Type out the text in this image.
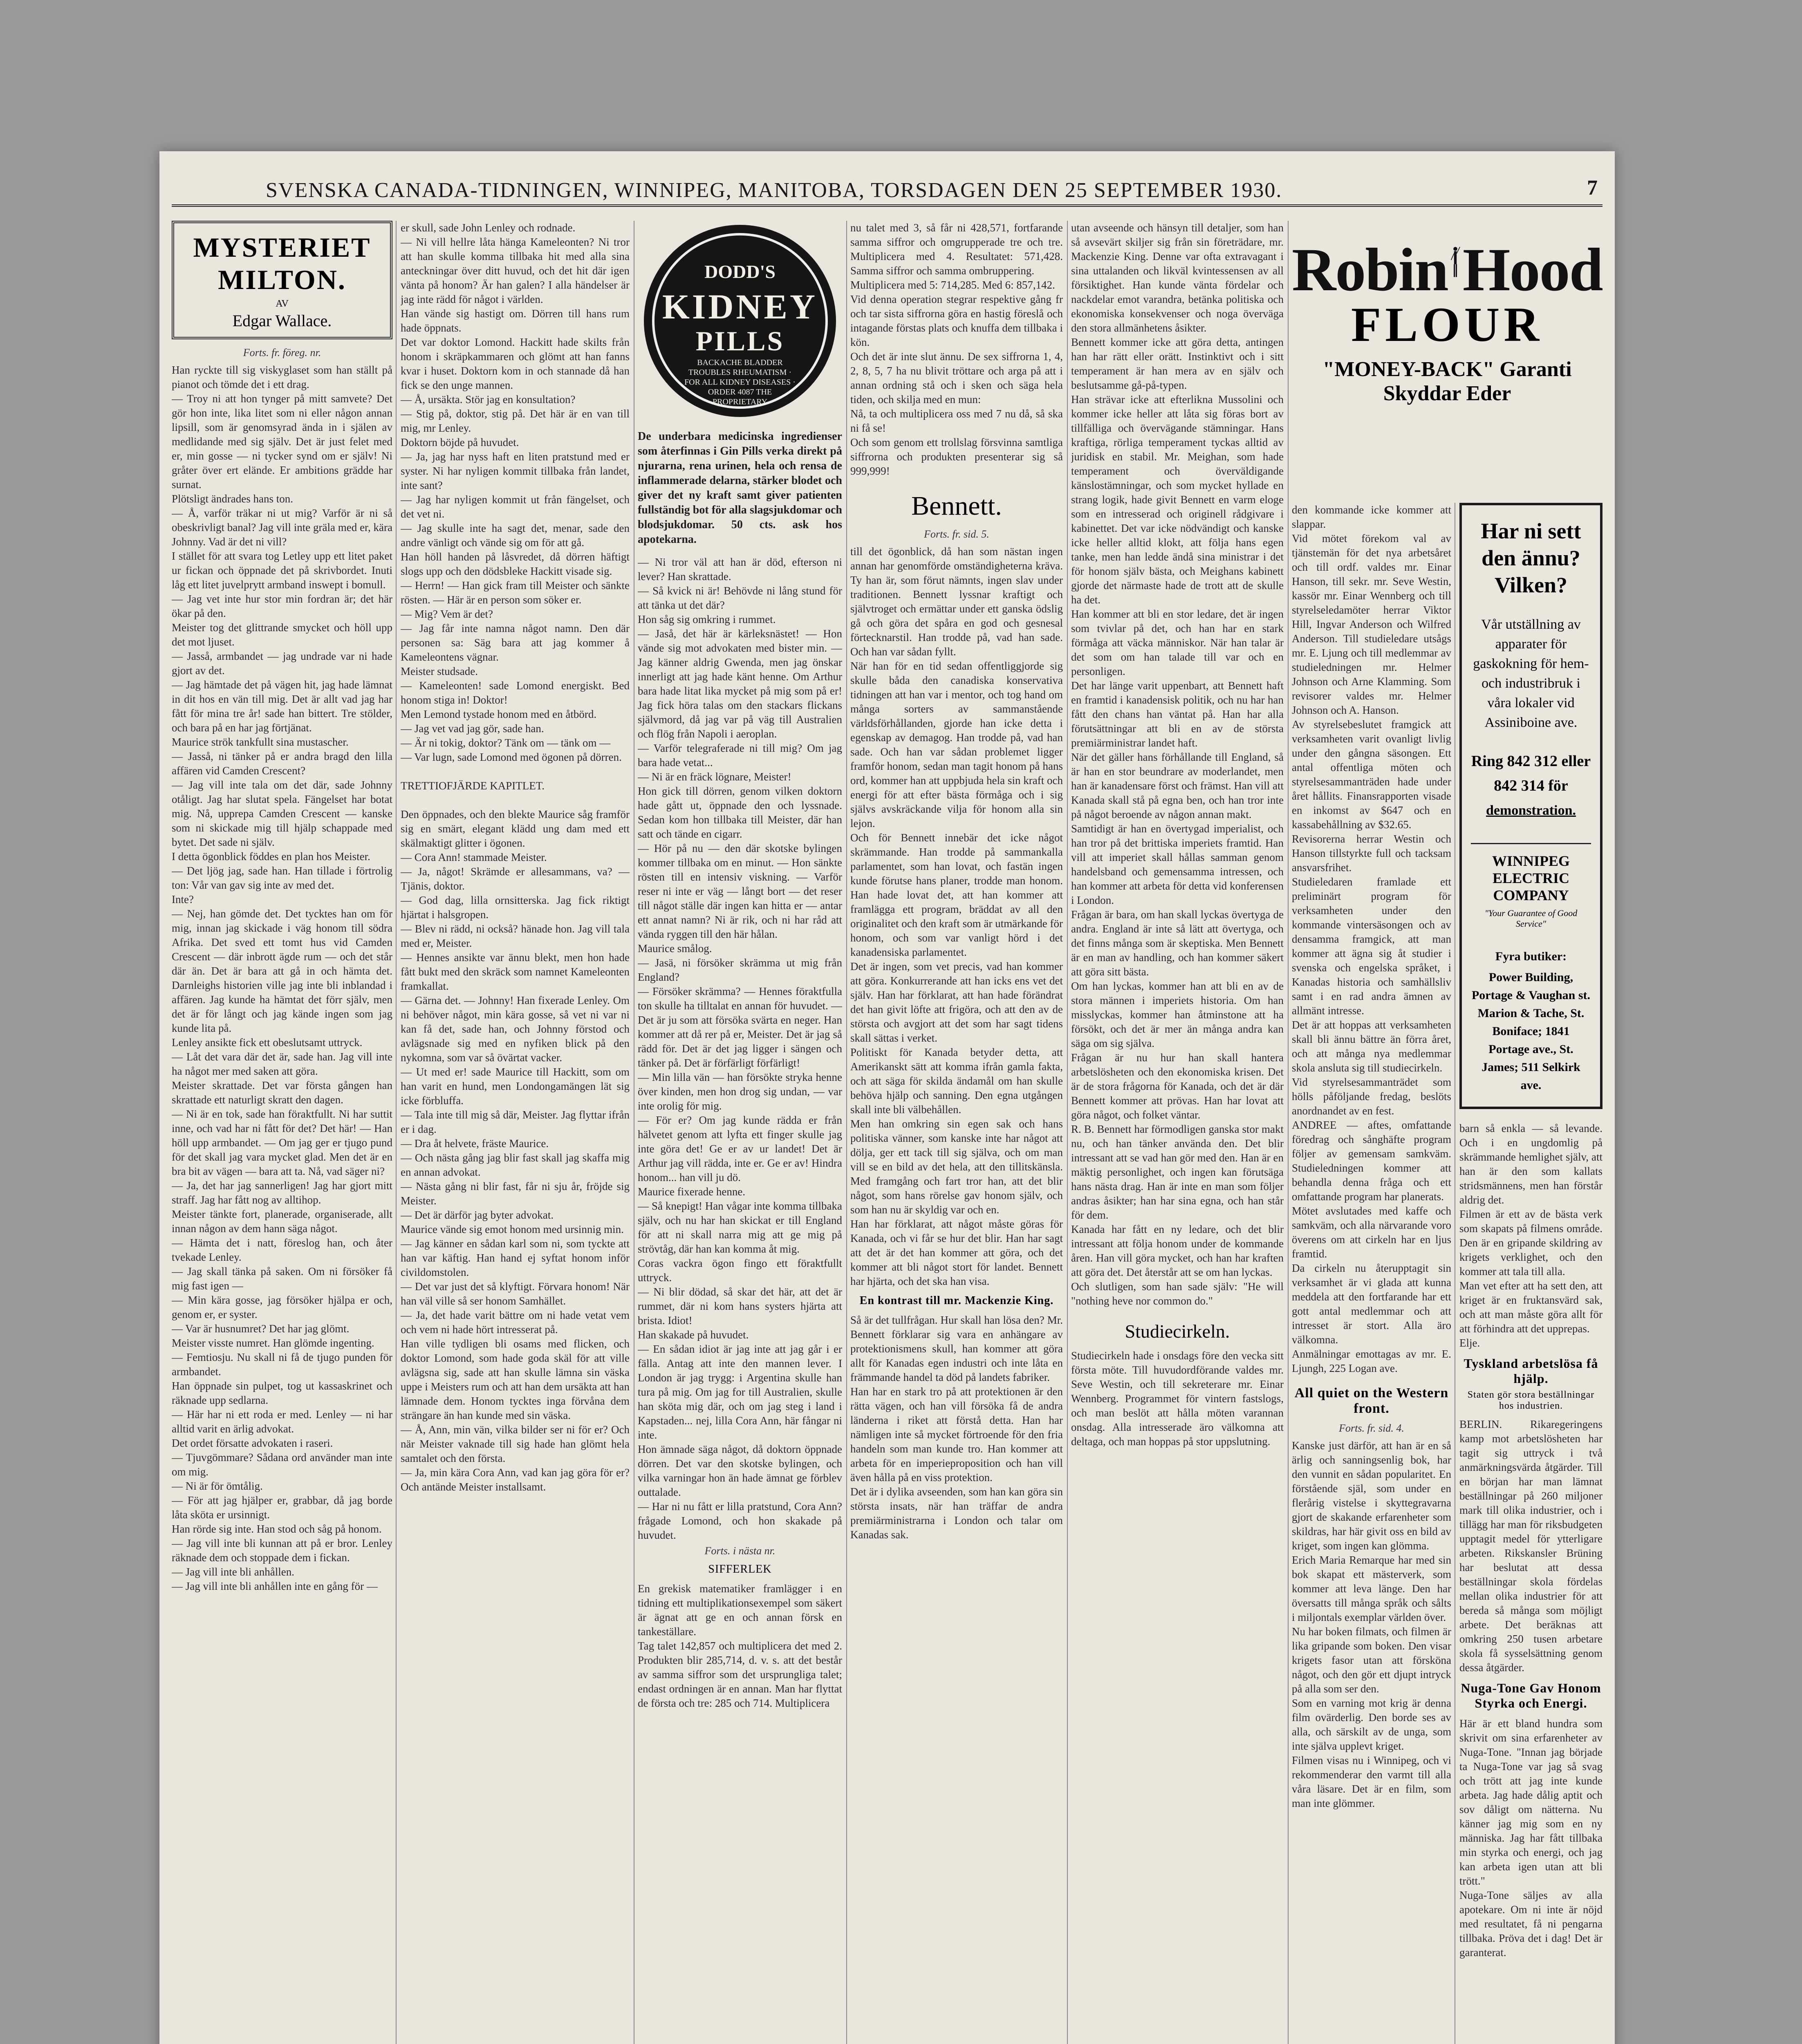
SVENSKA CANADA-TIDNINGEN, WINNIPEG, MANITOBA, TORSDAGEN DEN 25 SEPTEMBER 1930.	7
MYSTERIET MILTON.
AV
Edgar Wallace.
Forts. fr. föreg. nr.

Han ryckte till sig viskyglaset som han ställt på pianot och tömde det i ett drag.
— Troy ni att hon tynger på mitt samvete? Det gör hon inte, lika litet som ni eller någon annan lipsill, som är genomsyrad ända in i själen av medlidande med sig själv. Det är just felet med er, min gosse — ni tycker synd om er själv! Ni gråter över ert elände. Er ambitions grädde har surnat.
Plötsligt ändrades hans ton.
— Å, varför träkar ni ut mig? Varför är ni så obeskrivligt banal? Jag vill inte gräla med er, kära Johnny. Vad är det ni vill?
I stället för att svara tog Letley upp ett litet paket ur fickan och öppnade det på skrivbordet. Inuti låg ett litet juvelprytt armband inswept i bomull.
— Jag vet inte hur stor min fordran är; det här ökar på den.
Meister tog det glittrande smycket och höll upp det mot ljuset.
— Jasså, armbandet — jag undrade var ni hade gjort av det.
— Jag hämtade det på vägen hit, jag hade lämnat in dit hos en vän till mig. Det är allt vad jag har fått för mina tre år! sade han bittert. Tre stölder, och bara på en har jag förtjänat.
Maurice strök tankfullt sina mustascher.
— Jasså, ni tänker på er andra bragd den lilla affären vid Camden Crescent?
— Jag vill inte tala om det där, sade Johnny otåligt. Jag har slutat spela. Fängelset har botat mig. Nå, upprepa Camden Crescent — kanske som ni skickade mig till hjälp schappade med bytet. Det sade ni själv.
I detta ögonblick föddes en plan hos Meister.
— Det ljög jag, sade han. Han tillade i förtrolig ton: Vår van gav sig inte av med det.
Inte?
— Nej, han gömde det. Det tycktes han om för mig, innan jag skickade i väg honom till södra Afrika. Det sved ett tomt hus vid Camden Crescent — där inbrott ägde rum — och det står där än. Det är bara att gå in och hämta det. Darnleighs historien ville jag inte bli inblandad i affären. Jag kunde ha hämtat det förr själv, men det är för långt och jag kände ingen som jag kunde lita på.
Lenley ansikte fick ett obeslutsamt uttryck.
— Låt det vara där det är, sade han. Jag vill inte ha något mer med saken att göra.
Meister skrattade. Det var första gången han skrattade ett naturligt skratt den dagen.
— Ni är en tok, sade han föraktfullt. Ni har suttit inne, och vad har ni fått för det? Det här! — Han höll upp armbandet. — Om jag ger er tjugo pund för det skall jag vara mycket glad. Men det är en bra bit av vägen — bara att ta. Nå, vad säger ni?
— Ja, det har jag sannerligen! Jag har gjort mitt straff. Jag har fått nog av alltihop.
Meister tänkte fort, planerade, organiserade, allt innan någon av dem hann säga något.
— Hämta det i natt, föreslog han, och åter tvekade Lenley.
— Jag skall tänka på saken. Om ni försöker få mig fast igen —
— Min kära gosse, jag försöker hjälpa er och, genom er, er syster.
— Var är husnumret? Det har jag glömt.
Meister visste numret. Han glömde ingenting.
— Femtiosju. Nu skall ni få de tjugo punden för armbandet.
Han öppnade sin pulpet, tog ut kassaskrinet och räknade upp sedlarna.
— Här har ni ett roda er med. Lenley — ni har alltid varit en ärlig advokat.
Det ordet försatte advokaten i raseri.
— Tjuvgömmare? Sådana ord använder man inte om mig.
— Ni är för ömtålig.
— För att jag hjälper er, grabbar, då jag borde låta sköta er ursinnigt.
Han rörde sig inte. Han stod och såg på honom.
— Jag vill inte bli kunnan att på er bror. Lenley räknade dem och stoppade dem i fickan.
— Jag vill inte bli anhållen.
— Jag vill inte bli anhållen inte en gång för —

er skull, sade John Lenley och rodnade.
— Ni vill hellre låta hänga Kameleonten? Ni tror att han skulle komma tillbaka hit med alla sina anteckningar över ditt huvud, och det hit där igen vänta på honom? Är han galen? I alla händelser är jag inte rädd för något i världen.
Han vände sig hastigt om. Dörren till hans rum hade öppnats.
Det var doktor Lomond. Hackitt hade skilts från honom i skräpkammaren och glömt att han fanns kvar i huset. Doktorn kom in och stannade då han fick se den unge mannen.
— Å, ursäkta. Stör jag en konsultation?
— Stig på, doktor, stig på. Det här är en van till mig, mr Lenley.
Doktorn böjde på huvudet.
— Ja, jag har nyss haft en liten pratstund med er syster. Ni har nyligen kommit tillbaka från landet, inte sant?
— Jag har nyligen kommit ut från fängelset, och det vet ni.
— Jag skulle inte ha sagt det, menar, sade den andre vänligt och vände sig om för att gå.
Han höll handen på låsvredet, då dörren häftigt slogs upp och den dödsbleke Hackitt visade sig.
— Herrn! — Han gick fram till Meister och sänkte rösten. — Här är en person som söker er.
— Mig? Vem är det?
— Jag får inte namna något namn. Den där personen sa: Säg bara att jag kommer å Kameleontens vägnar.
Meister studsade.
— Kameleonten! sade Lomond energiskt. Bed honom stiga in! Doktor!
Men Lemond tystade honom med en åtbörd.
— Jag vet vad jag gör, sade han.
— Är ni tokig, doktor? Tänk om — tänk om —
— Var lugn, sade Lomond med ögonen på dörren.

TRETTIOFJÄRDE KAPITLET.

Den öppnades, och den blekte Maurice såg framför sig en smärt, elegant klädd ung dam med ett skälmaktigt glitter i ögonen.
— Cora Ann! stammade Meister.
— Ja, något! Skrämde er allesammans, va? — Tjänis, doktor.
— God dag, lilla ornsitterska. Jag fick riktigt hjärtat i halsgropen.
— Blev ni rädd, ni också? hänade hon. Jag vill tala med er, Meister.
— Hennes ansikte var ännu blekt, men hon hade fått bukt med den skräck som namnet Kameleonten framkallat.
— Gärna det. — Johnny! Han fixerade Lenley. Om ni behöver något, min kära gosse, så vet ni var ni kan få det, sade han, och Johnny förstod och avlägsnade sig med en nyfiken blick på den nykomna, som var så övärtat vacker.
— Ut med er! sade Maurice till Hackitt, som om han varit en hund, men Londongamängen lät sig icke förbluffa.
— Tala inte till mig så där, Meister. Jag flyttar ifrån er i dag.
— Dra åt helvete, fräste Maurice.
— Och nästa gång jag blir fast skall jag skaffa mig en annan advokat.
— Nästa gång ni blir fast, får ni sju år, fröjde sig Meister.
— Det är därför jag byter advokat.
Maurice vände sig emot honom med ursinnig min.
— Jag känner en sådan karl som ni, som tyckte att han var käftig. Han hand ej syftat honom inför civildomstolen.
— Det var just det så klyftigt. Förvara honom! När han väl ville så ser honom Samhället.
— Ja, det hade varit bättre om ni hade vetat vem och vem ni hade hört intresserat på.
Han ville tydligen bli osams med flicken, och doktor Lomond, som hade goda skäl för att ville avlägsna sig, sade att han skulle lämna sin väska uppe i Meisters rum och att han dem ursäkta att han lämnade dem. Honom tycktes inga förvåna dem strängare än han kunde med sin väska.
— Å, Ann, min vän, vilka bilder ser ni för er? Och när Meister vaknade till sig hade han glömt hela samtalet och den första.
— Ja, min kära Cora Ann, vad kan jag göra för er? Och antände Meister installsamt.

DODD'S
KIDNEY
PILLS
BACKACHE BLADDER TROUBLES RHEUMATISM · FOR ALL KIDNEY DISEASES · ORDER 4087 THE PROPRIETARY

De underbara medicinska ingredienser som återfinnas i Gin Pills verka direkt på njurarna, rena urinen, hela och rensa de inflammerade delarna, stärker blodet och giver det ny kraft samt giver patienten fullständig bot för alla slagsjukdomar och blodsjukdomar. 50 cts. ask hos apotekarna.

— Ni tror väl att han är död, efterson ni lever? Han skrattade.
— Så kvick ni är! Behövde ni lång stund för att tänka ut det där?
Hon såg sig omkring i rummet.
— Jaså, det här är kärleksnästet! — Hon vände sig mot advokaten med bister min. — Jag känner aldrig Gwenda, men jag önskar innerligt att jag hade känt henne. Om Arthur bara hade litat lika mycket på mig som på er! Jag fick höra talas om den stackars flickans självmord, då jag var på väg till Australien och flög från Napoli i aeroplan.
— Varför telegraferade ni till mig? Om jag bara hade vetat...
— Ni är en fräck lögnare, Meister!
Hon gick till dörren, genom vilken doktorn hade gått ut, öppnade den och lyssnade. Sedan kom hon tillbaka till Meister, där han satt och tände en cigarr.
— Hör på nu — den där skotske bylingen kommer tillbaka om en minut. — Hon sänkte rösten till en intensiv viskning. — Varför reser ni inte er väg — långt bort — det reser till något ställe där ingen kan hitta er — antar ett annat namn? Ni är rik, och ni har råd att vända ryggen till den här hålan.
Maurice smålog.
— Jasä, ni försöker skrämma ut mig från England?
— Försöker skrämma? — Hennes föraktfulla ton skulle ha tilltalat en annan för huvudet. — Det är ju som att försöka svärta en neger. Han kommer att då rer på er, Meister. Det är jag så rädd för. Det är det jag ligger i sängen och tänker på. Det är förfärligt förfärligt!
— Min lilla vän — han försökte stryka henne över kinden, men hon drog sig undan, — var inte orolig för mig.
— För er? Om jag kunde rädda er från hälvetet genom att lyfta ett finger skulle jag inte göra det! Ge er av ur landet! Det är Arthur jag vill rädda, inte er. Ge er av! Hindra honom... han vill ju dö.
Maurice fixerade henne.
— Så knepigt! Han vågar inte komma tillbaka själv, och nu har han skickat er till England för att ni skall narra mig att ge mig på strövtåg, där han kan komma åt mig.
Coras vackra ögon fingo ett föraktfullt uttryck.
— Ni blir dödad, så skar det här, att det är rummet, där ni kom hans systers hjärta att brista. Idiot!
Han skakade på huvudet.
— En sådan idiot är jag inte att jag går i er fälla. Antag att inte den mannen lever. I London är jag trygg: i Argentina skulle han tura på mig. Om jag for till Australien, skulle han sköta mig där, och om jag steg i land i Kapstaden... nej, lilla Cora Ann, här fångar ni inte.
Hon ämnade säga något, då doktorn öppnade dörren. Det var den skotske bylingen, och vilka varningar hon än hade ämnat ge förblev outtalade.
— Har ni nu fått er lilla pratstund, Cora Ann? frågade Lomond, och hon skakade på huvudet.

Forts. i nästa nr.
SIFFERLEK

En grekisk matematiker framlägger i en tidning ett multiplikationsexempel som säkert är ägnat att ge en och annan försk en tankeställare.
Tag talet 142,857 och multiplicera det med 2. Produkten blir 285,714, d. v. s. att det består av samma siffror som det ursprungliga talet; endast ordningen är en annan. Man har flyttat de första och tre: 285 och 714. Multiplicera

nu talet med 3, så får ni 428,571, fortfarande samma siffror och omgrupperade tre och tre. Multiplicera med 4. Resultatet: 571,428. Samma siffror och samma ombruppering.
Multiplicera med 5: 714,285. Med 6: 857,142.
Vid denna operation stegrar respektive gång fr och tar sista siffrorna göra en hastig föreslå och intagande förstas plats och knuffa dem tillbaka i kön.
Och det är inte slut ännu. De sex siffrorna 1, 4, 2, 8, 5, 7 ha nu blivit tröttare och arga på att i annan ordning stå och i sken och säga hela tiden, och skilja med en mun:
Nå, ta och multiplicera oss med 7 nu då, så ska ni få se!
Och som genom ett trollslag försvinna samtliga siffrorna och produkten presenterar sig så 999,999!

Bennett.
Forts. fr. sid. 5.

till det ögonblick, då han som nästan ingen annan har genomförde omständigheterna kräva. Ty han är, som förut nämnts, ingen slav under traditionen. Bennett lyssnar kraftigt och självtroget och ermättar under ett ganska ödslig gå och göra det spåra en god och gesnesal förtecknarstil. Han trodde på, vad han sade. Och han var sådan fyllt.
När han för en tid sedan offentliggjorde sig skulle båda den canadiska konservativa tidningen att han var i mentor, och tog hand om många sorters av sammanstående världsförhållanden, gjorde han icke detta i egenskap av demagog. Han trodde på, vad han sade. Och han var sådan problemet ligger framför honom, sedan man tagit honom på hans ord, kommer han att uppbjuda hela sin kraft och energi för att efter bästa förmåga och i sig självs avskräckande vilja för honom alla sin lejon.
Och för Bennett innebär det icke något skrämmande. Han trodde på sammankalla parlamentet, som han lovat, och fastän ingen kunde förutse hans planer, trodde man honom. Han hade lovat det, att han kommer att framlägga ett program, bräddat av all den originalitet och den kraft som är utmärkande för honom, och som var vanligt hörd i det kanadensiska parlamentet.
Det är ingen, som vet precis, vad han kommer att göra. Konkurrerande att han icks ens vet det själv. Han har förklarat, att han hade förändrat det han givit löfte att frigöra, och att den av de största och avgjort att det som har sagt tidens skall sättas i verket.
Politiskt för Kanada betyder detta, att Amerikanskt sätt att komma ifrån gamla fakta, och att säga för skilda ändamål om han skulle behöva hjälp och sanning. Den egna utgången skall inte bli välbehållen.
Men han omkring sin egen sak och hans politiska vänner, som kanske inte har något att dölja, ger ett tack till sig själva, och om man vill se en bild av det hela, att den tillitskänsla. Med framgång och fart tror han, att det blir något, som hans rörelse gav honom själv, och som han nu är skyldig var och en.
Han har förklarat, att något måste göras för Kanada, och vi får se hur det blir. Han har sagt att det är det han kommer att göra, och det kommer att bli något stort för landet. Bennett har hjärta, och det ska han visa.

En kontrast till mr. Mackenzie King.

Så är det tullfrågan. Hur skall han lösa den? Mr. Bennett förklarar sig vara en anhängare av protektionismens skull, han kommer att göra allt för Kanadas egen industri och inte låta en främmande handel ta död på landets fabriker.
Han har en stark tro på att protektionen är den rätta vägen, och han vill försöka få de andra länderna i riket att förstå detta. Han har nämligen inte så mycket förtroende för den fria handeln som man kunde tro. Han kommer att arbeta för en imperieproposition och han vill även hålla på en viss protektion.
Det är i dylika avseenden, som han kan göra sin största insats, när han träffar de andra premiärministrarna i London och talar om Kanadas sak.

utan avseende och hänsyn till detaljer, som han så avsevärt skiljer sig från sin företrädare, mr. Mackenzie King. Denne var ofta extravagant i sina uttalanden och likväl kvintessensen av all försiktighet. Han kunde vänta fördelar och nackdelar emot varandra, betänka politiska och ekonomiska konsekvenser och noga överväga den stora allmänhetens åsikter.
Bennett kommer icke att göra detta, antingen han har rätt eller orätt. Instinktivt och i sitt temperament är han mera av en själv och beslutsamme gå-på-typen.
Han strävar icke att efterlikna Mussolini och kommer icke heller att låta sig föras bort av tillfälliga och övervägande stämningar. Hans kraftiga, rörliga temperament tyckas alltid av juridisk en stabil. Mr. Meighan, som hade temperament och överväldigande känslostämningar, och som mycket hyllade en strang logik, hade givit Bennett en varm eloge som en intresserad och originell rådgivare i kabinettet. Det var icke nödvändigt och kanske icke heller alltid klokt, att följa hans egen tanke, men han ledde ändå sina ministrar i det för honom själv bästa, och Meighans kabinett gjorde det närmaste hade de trott att de skulle ha det.
Han kommer att bli en stor ledare, det är ingen som tvivlar på det, och han har en stark förmåga att väcka människor. När han talar är det som om han talade till var och en personligen.
Det har länge varit uppenbart, att Bennett haft en framtid i kanadensisk politik, och nu har han fått den chans han väntat på. Han har alla förutsättningar att bli en av de största premiärministrar landet haft.
När det gäller hans förhållande till England, så är han en stor beundrare av moderlandet, men han är kanadensare först och främst. Han vill att Kanada skall stå på egna ben, och han tror inte på något beroende av någon annan makt.
Samtidigt är han en övertygad imperialist, och han tror på det brittiska imperiets framtid. Han vill att imperiet skall hållas samman genom handelsband och gemensamma intressen, och han kommer att arbeta för detta vid konferensen i London.
Frågan är bara, om han skall lyckas övertyga de andra. England är inte så lätt att övertyga, och det finns många som är skeptiska. Men Bennett är en man av handling, och han kommer säkert att göra sitt bästa.
Om han lyckas, kommer han att bli en av de stora männen i imperiets historia. Om han misslyckas, kommer han åtminstone att ha försökt, och det är mer än många andra kan säga om sig själva.
Frågan är nu hur han skall hantera arbetslösheten och den ekonomiska krisen. Det är de stora frågorna för Kanada, och det är där Bennett kommer att prövas. Han har lovat att göra något, och folket väntar.
R. B. Bennett har förmodligen ganska stor makt nu, och han tänker använda den. Det blir intressant att se vad han gör med den. Han är en mäktig personlighet, och ingen kan förutsäga hans nästa drag. Han är inte en man som följer andras åsikter; han har sina egna, och han står för dem.
Kanada har fått en ny ledare, och det blir intressant att följa honom under de kommande åren. Han vill göra mycket, och han har kraften att göra det. Det återstår att se om han lyckas.
Och slutligen, som han sade själv: "He will "nothing heve nor common do."

Studiecirkeln.

Studiecirkeln hade i onsdags före den vecka sitt första möte. Till huvudordförande valdes mr. Seve Westin, och till sekreterare mr. Einar Wennberg. Programmet för vintern fastslogs, och man beslöt att hålla möten varannan onsdag. Alla intresserade äro välkomna att deltaga, och man hoppas på stor uppslutning.

Robin Hood
FLOUR
"MONEY-BACK" Garanti
Skyddar Eder

den kommande icke kommer att slappar.
Vid mötet förekom val av tjänstemän för det nya arbetsåret och till ordf. valdes mr. Einar Hanson, till sekr. mr. Seve Westin, kassör mr. Einar Wennberg och till styrelseledamöter herrar Viktor Hill, Ingvar Anderson och Wilfred Anderson. Till studieledare utsågs mr. E. Ljung och till medlemmar av studieledningen mr. Helmer Johnson och Arne Klamming. Som revisorer valdes mr. Helmer Johnson och A. Hanson.
Av styrelsebeslutet framgick att verksamheten varit ovanligt livlig under den gångna säsongen. Ett antal offentliga möten och styrelsesammanträden hade under året hållits. Finansrapporten visade en inkomst av $647 och en kassabehållning av $32.65.
Revisorerna herrar Westin och Hanson tillstyrkte full och tacksam ansvarsfrihet.
Studieledaren framlade ett preliminärt program för verksamheten under den kommande vintersäsongen och av densamma framgick, att man kommer att ägna sig åt studier i svenska och engelska språket, i Kanadas historia och samhällsliv samt i en rad andra ämnen av allmänt intresse.
Det är att hoppas att verksamheten skall bli ännu bättre än förra året, och att många nya medlemmar skola ansluta sig till studiecirkeln.
Vid styrelsesammanträdet som hölls påföljande fredag, beslöts anordnandet av en fest.
ANDREE — aftes, omfattande föredrag och sånghäfte program följer av gemensam samkväm. Studieledningen kommer att behandla denna fråga och ett omfattande program har planerats.
Mötet avslutades med kaffe och samkväm, och alla närvarande voro överens om att cirkeln har en ljus framtid.
Da cirkeln nu återupptagit sin verksamhet är vi glada att kunna meddela att den fortfarande har ett gott antal medlemmar och att intresset är stort. Alla äro välkomna.
Anmälningar emottagas av mr. E. Ljungh, 225 Logan ave.

All quiet on the Western
front.
Forts. fr. sid. 4.

Kanske just därför, att han är en så ärlig och sanningsenlig bok, har den vunnit en sådan popularitet. En förstående själ, som under en flerårig vistelse i skyttegravarna gjort de skakande erfarenheter som skildras, har här givit oss en bild av kriget, som ingen kan glömma.
Erich Maria Remarque har med sin bok skapat ett mästerverk, som kommer att leva länge. Den har översatts till många språk och sålts i miljontals exemplar världen över.
Nu har boken filmats, och filmen är lika gripande som boken. Den visar krigets fasor utan att försköna något, och den gör ett djupt intryck på alla som ser den.
Som en varning mot krig är denna film ovärderlig. Den borde ses av alla, och särskilt av de unga, som inte själva upplevt kriget.
Filmen visas nu i Winnipeg, och vi rekommenderar den varmt till alla våra läsare. Det är en film, som man inte glömmer.

Har ni sett den ännu? Vilken?
Vår utställning av apparater för gaskokning för hem- och industribruk i våra lokaler vid Assiniboine ave.
Ring 842 312 eller 842 314 för
demonstration.
WINNIPEG ELECTRIC COMPANY
"Your Guarantee of Good Service"
Fyra butiker:
Power Building, Portage & Vaughan st. Marion & Tache, St. Boniface; 1841 Portage ave., St. James; 511 Selkirk ave.

barn så enkla — så levande. Och i en ungdomlig på skrämmande hemlighet själv, att han är den som kallats stridsmännens, men han förstår aldrig det.
Filmen är ett av de bästa verk som skapats på filmens område. Den är en gripande skildring av krigets verklighet, och den kommer att tala till alla.
Man vet efter att ha sett den, att kriget är en fruktansvärd sak, och att man måste göra allt för att förhindra att det upprepas.
Elje.

Tyskland arbetslösa få hjälp.
Staten gör stora beställningar hos industrien.

BERLIN. Rikaregeringens kamp mot arbetslösheten har tagit sig uttryck i två anmärkningsvärda åtgärder. Till en början har man lämnat beställningar på 260 miljoner mark till olika industrier, och i tillägg har man för riksbudgeten upptagit medel för ytterligare arbeten. Rikskansler Brüning har beslutat att dessa beställningar skola fördelas mellan olika industrier för att bereda så många som möjligt arbete. Det beräknas att omkring 250 tusen arbetare skola få sysselsättning genom dessa åtgärder.

Nuga-Tone Gav Honom Styrka och Energi.

Här är ett bland hundra som skrivit om sina erfarenheter av Nuga-Tone. "Innan jag började ta Nuga-Tone var jag så svag och trött att jag inte kunde arbeta. Jag hade dålig aptit och sov dåligt om nätterna. Nu känner jag mig som en ny människa. Jag har fått tillbaka min styrka och energi, och jag kan arbeta igen utan att bli trött."
Nuga-Tone säljes av alla apotekare. Om ni inte är nöjd med resultatet, få ni pengarna tillbaka. Pröva det i dag! Det är garanterat.
